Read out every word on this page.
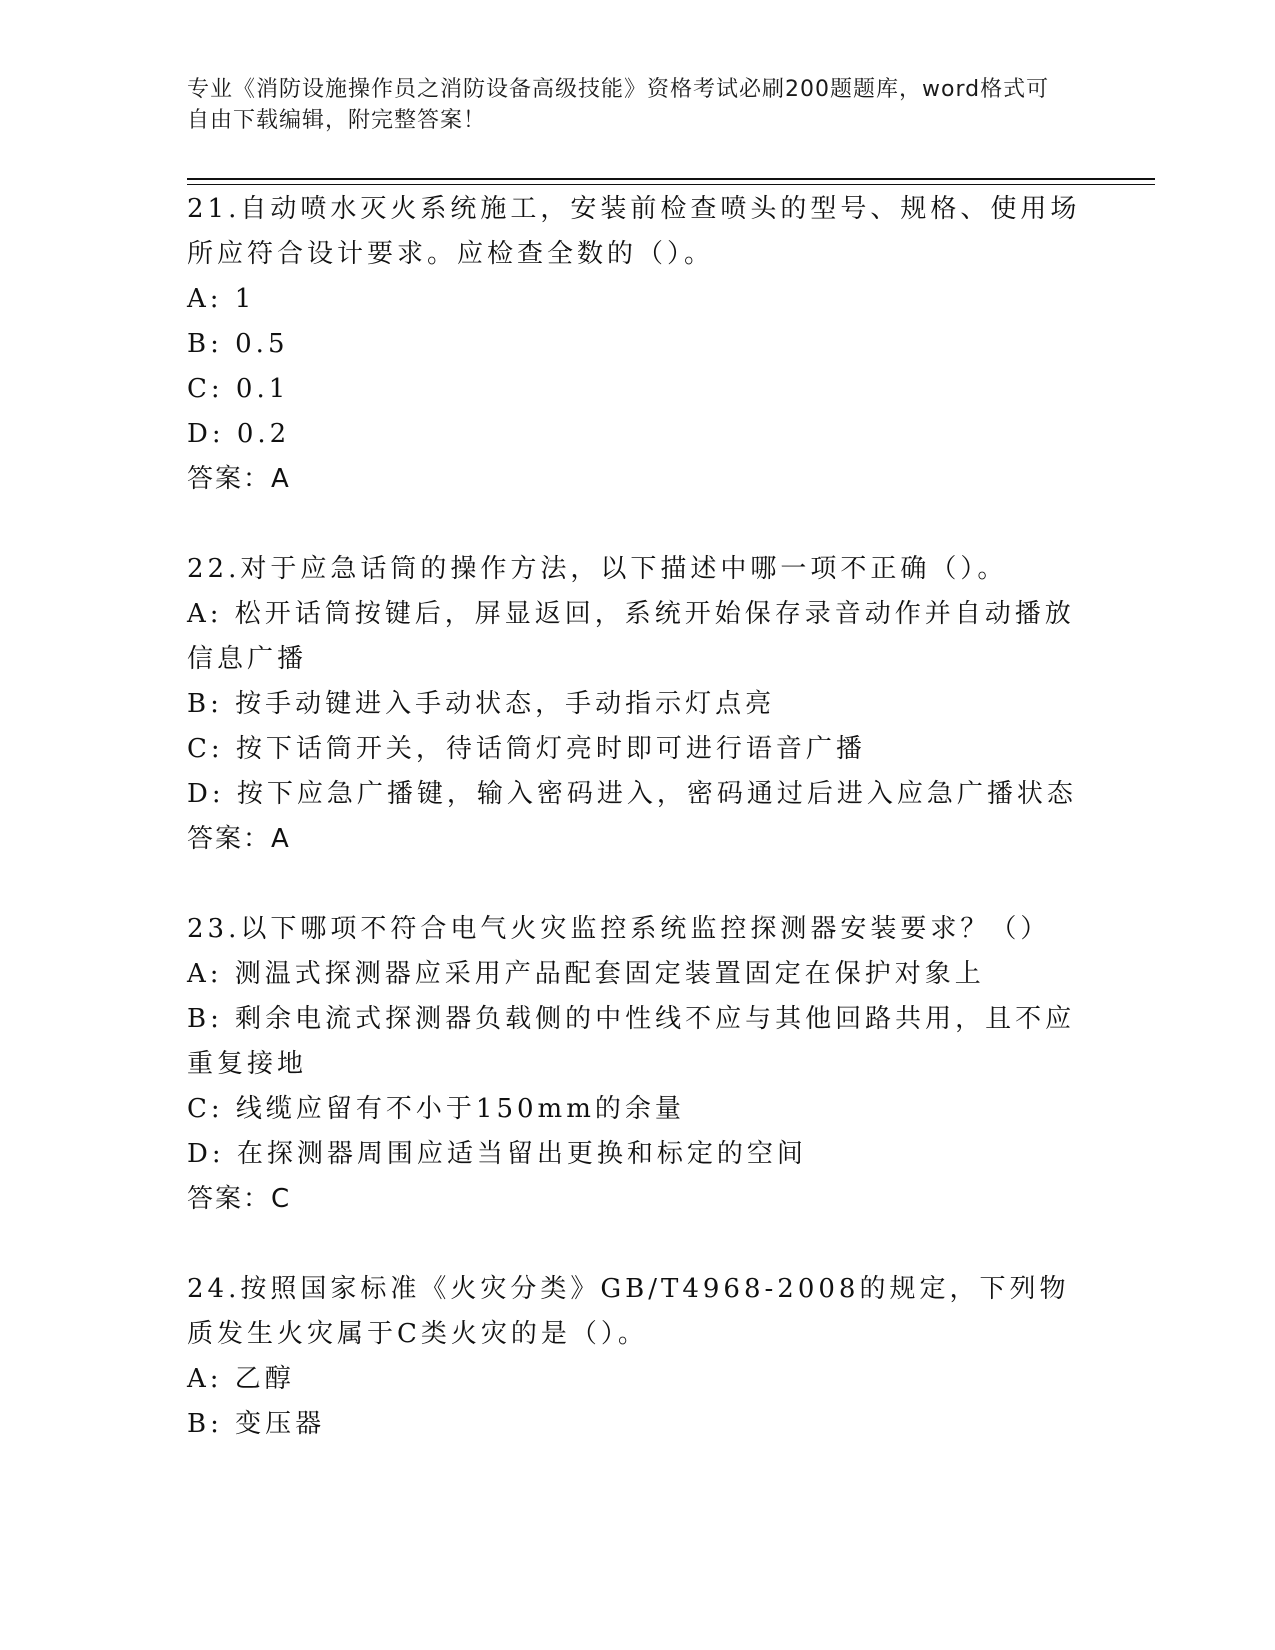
专业《消防设施操作员之消防设备高级技能》资格考试必刷200题题库，word格式可自由下载编辑，附完整答案！
21.自动喷水灭火系统施工，安装前检查喷头的型号、规格、使用场所应符合设计要求。应检查全数的（）。
A: 1
B: 0.5
C: 0.1
D: 0.2
答案：A
22.对于应急话筒的操作方法，以下描述中哪一项不正确（）。
A: 松开话筒按键后，屏显返回，系统开始保存录音动作并自动播放信息广播
B: 按手动键进入手动状态，手动指示灯点亮
C: 按下话筒开关，待话筒灯亮时即可进行语音广播
D: 按下应急广播键，输入密码进入，密码通过后进入应急广播状态
答案：A
23.以下哪项不符合电气火灾监控系统监控探测器安装要求？（）
A: 测温式探测器应采用产品配套固定装置固定在保护对象上
B: 剩余电流式探测器负载侧的中性线不应与其他回路共用，且不应重复接地
C: 线缆应留有不小于150mm的余量
D: 在探测器周围应适当留出更换和标定的空间
答案：C
24.按照国家标准《火灾分类》GB/T4968-2008的规定，下列物质发生火灾属于C类火灾的是（）。
A: 乙醇
B: 变压器
